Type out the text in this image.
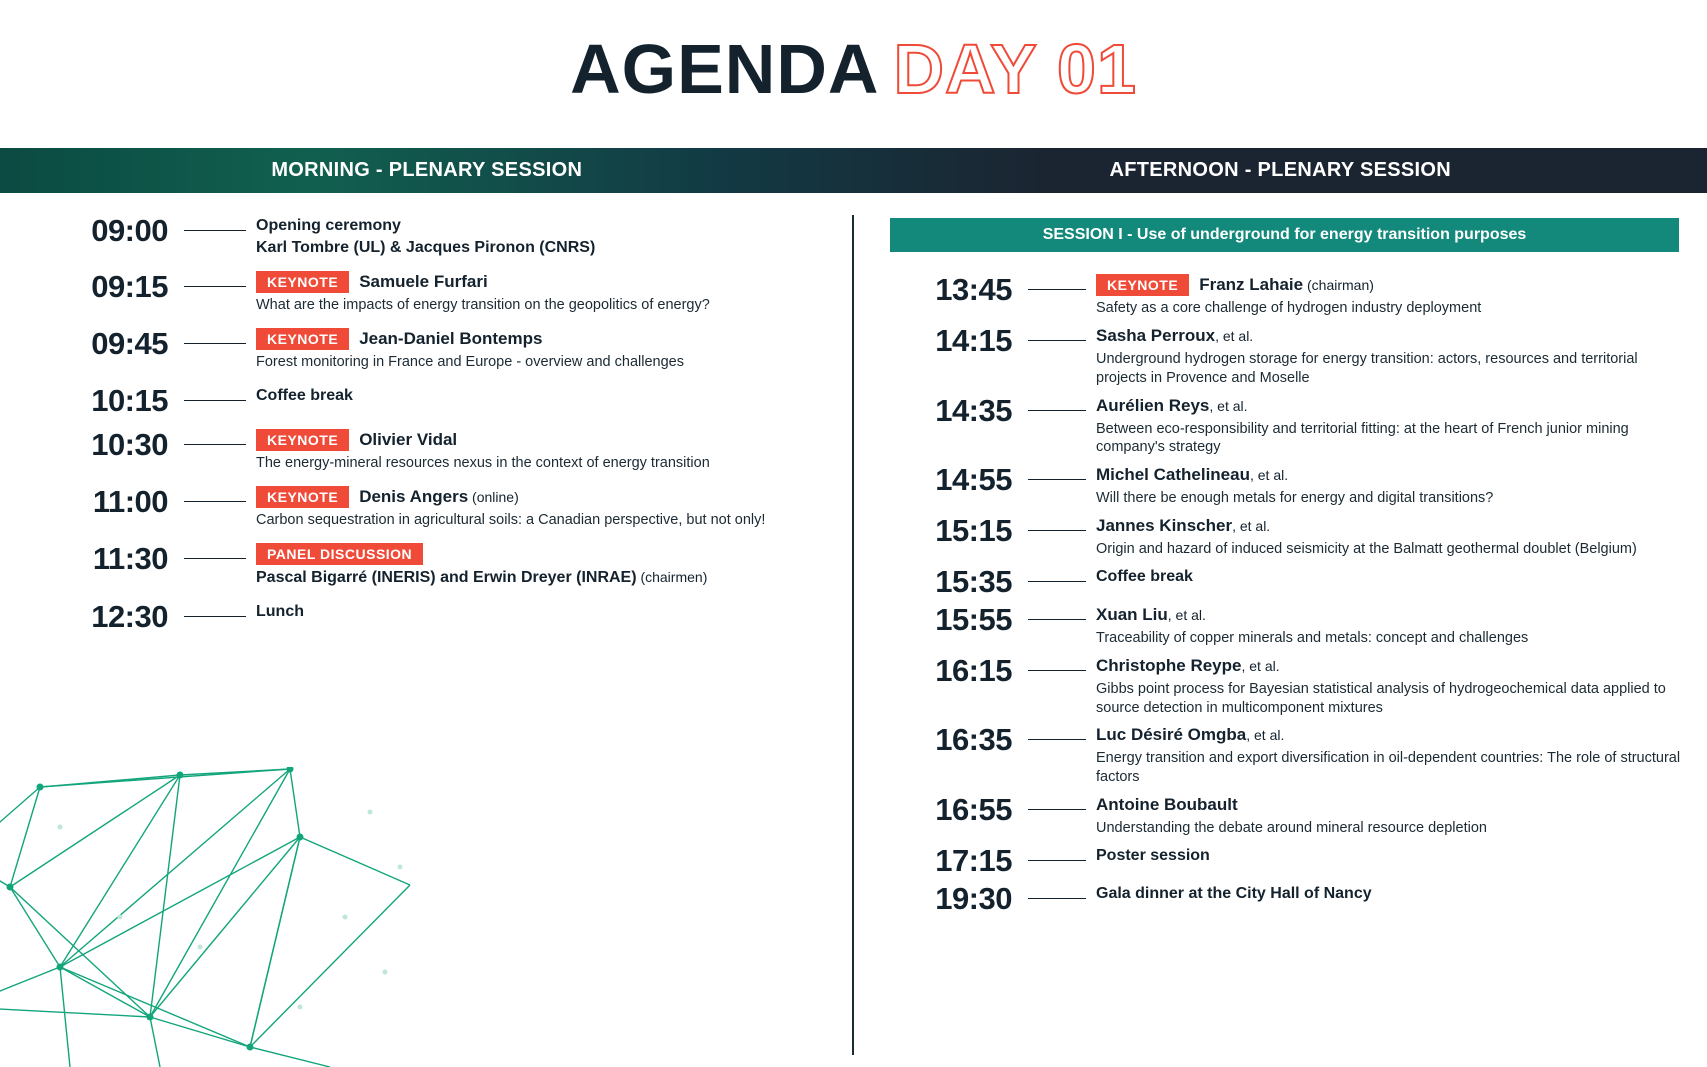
AGENDA DAY 01
MORNING - PLENARY SESSION	AFTERNOON - PLENARY SESSION
09:00	Opening ceremony
Karl Tombre (UL) & Jacques Pironon (CNRS)
09:15	KEYNOTE	Samuele Furfari
What are the impacts of energy transition on the geopolitics of energy?
09:45	KEYNOTE	Jean-Daniel Bontemps
Forest monitoring in France and Europe - overview and challenges
10:15	Coffee break
10:30	KEYNOTE	Olivier Vidal
The energy-mineral resources nexus in the context of energy transition
11:00	KEYNOTE	Denis Angers (online)
Carbon sequestration in agricultural soils: a Canadian perspective, but not only!
11:30	PANEL DISCUSSION
Pascal Bigarré (INERIS) and Erwin Dreyer (INRAE) (chairmen)
12:30	Lunch
SESSION I - Use of underground for energy transition purposes
13:45	KEYNOTE	Franz Lahaie (chairman)
Safety as a core challenge of hydrogen industry deployment
14:15	Sasha Perroux, et al.
Underground hydrogen storage for energy transition: actors, resources and territorial projects in Provence and Moselle
14:35	Aurélien Reys, et al.
Between eco-responsibility and territorial fitting: at the heart of French junior mining company's strategy
14:55	Michel Cathelineau, et al.
Will there be enough metals for energy and digital transitions?
15:15	Jannes Kinscher, et al.
Origin and hazard of induced seismicity at the Balmatt geothermal doublet (Belgium)
15:35	Coffee break
15:55	Xuan Liu, et al.
Traceability of copper minerals and metals: concept and challenges
16:15	Christophe Reype, et al.
Gibbs point process for Bayesian statistical analysis of hydrogeochemical data applied to source detection in multicomponent mixtures
16:35	Luc Désiré Omgba, et al.
Energy transition and export diversification in oil-dependent countries: The role of structural factors
16:55	Antoine Boubault
Understanding the debate around mineral resource depletion
17:15	Poster session
19:30	Gala dinner at the City Hall of Nancy
